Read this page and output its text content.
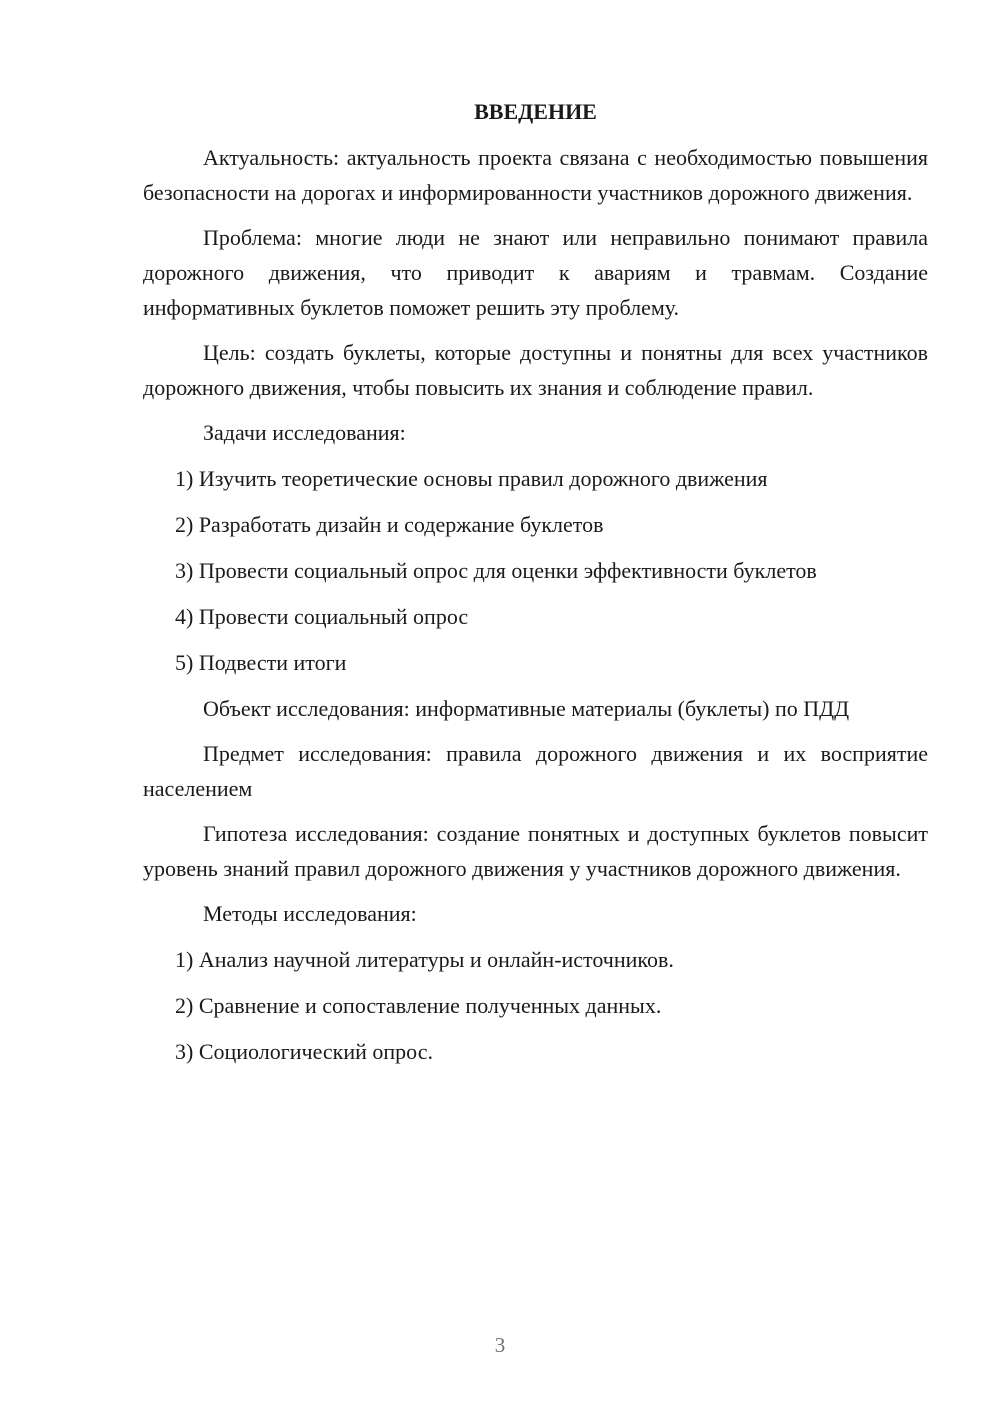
ВВЕДЕНИЕ

Актуальность: актуальность проекта связана с необходимостью повышения безопасности на дорогах и информированности участников дорожного движения.

Проблема: многие люди не знают или неправильно понимают правила дорожного движения, что приводит к авариям и травмам. Создание информативных буклетов поможет решить эту проблему.

Цель: создать буклеты, которые доступны и понятны для всех участников дорожного движения, чтобы повысить их знания и соблюдение правил.

Задачи исследования:

1) Изучить теоретические основы правил дорожного движения
2) Разработать дизайн и содержание буклетов
3) Провести социальный опрос для оценки эффективности буклетов
4) Провести социальный опрос
5) Подвести итоги

Объект исследования: информативные материалы (буклеты) по ПДД

Предмет исследования: правила дорожного движения и их восприятие населением

Гипотеза исследования: создание понятных и доступных буклетов повысит уровень знаний правил дорожного движения у участников дорожного движения.

Методы исследования:

1) Анализ научной литературы и онлайн-источников.
2) Сравнение и сопоставление полученных данных.
3) Социологический опрос.
3
